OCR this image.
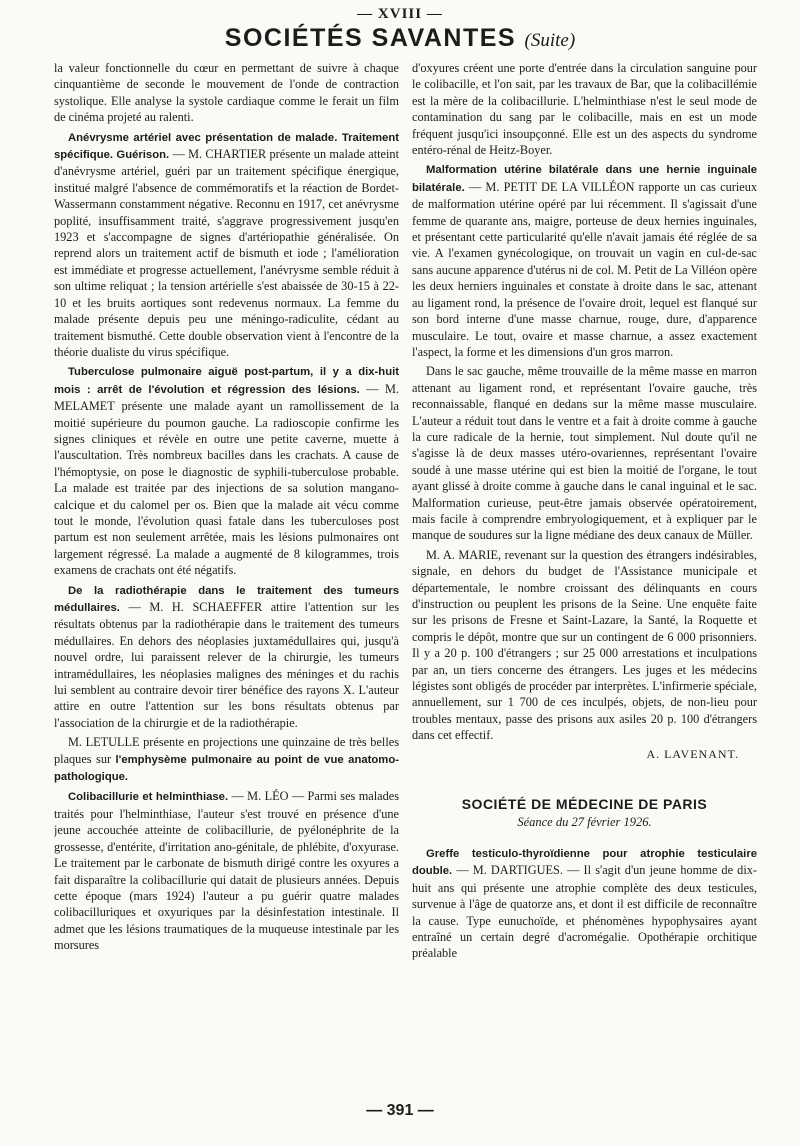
— XVIII —
SOCIÉTÉS SAVANTES (Suite)

la valeur fonctionnelle du cœur en permettant de suivre à chaque cinquantième de seconde le mouvement de l'onde de contraction systolique. Elle analyse la systole cardiaque comme le ferait un film de cinéma projeté au ralenti.

Anévrysme artériel avec présentation de malade. Traitement spécifique. Guérison. — M. CHARTIER présente un malade atteint d'anévrysme artériel, guéri par un traitement spécifique énergique, institué malgré l'absence de commémoratifs et la réaction de Bordet-Wassermann constamment négative. Reconnu en 1917, cet anévrysme poplité, insuffisamment traité, s'aggrave progressivement jusqu'en 1923 et s'accompagne de signes d'artériopathie généralisée. On reprend alors un traitement actif de bismuth et iode ; l'amélioration est immédiate et progresse actuellement, l'anévrysme semble réduit à son ultime reliquat ; la tension artérielle s'est abaissée de 30-15 à 22-10 et les bruits aortiques sont redevenus normaux. La femme du malade présente depuis peu une méningo-radiculite, cédant au traitement bismuthé. Cette double observation vient à l'encontre de la théorie dualiste du virus spécifique.

Tuberculose pulmonaire aiguë post-partum, il y a dix-huit mois : arrêt de l'évolution et régression des lésions. — M. MELAMET présente une malade ayant un ramollissement de la moitié supérieure du poumon gauche. La radioscopie confirme les signes cliniques et révèle en outre une petite caverne, muette à l'auscultation. Très nombreux bacilles dans les crachats. A cause de l'hémoptysie, on pose le diagnostic de syphili-tuberculose probable. La malade est traitée par des injections de sa solution mangano-calcique et du calomel per os. Bien que la malade ait vécu comme tout le monde, l'évolution quasi fatale dans les tuberculoses post partum est non seulement arrêtée, mais les lésions pulmonaires ont largement régressé. La malade a augmenté de 8 kilogrammes, trois examens de crachats ont été négatifs.

De la radiothérapie dans le traitement des tumeurs médullaires. — M. H. SCHAEFFER attire l'attention sur les résultats obtenus par la radiothérapie dans le traitement des tumeurs médullaires. En dehors des néoplasies juxtamédullaires qui, jusqu'à nouvel ordre, lui paraissent relever de la chirurgie, les tumeurs intramédullaires, les néoplasies malignes des méninges et du rachis lui semblent au contraire devoir tirer bénéfice des rayons X. L'auteur attire en outre l'attention sur les bons résultats obtenus par l'association de la chirurgie et de la radiothérapie.

M. LETULLE présente en projections une quinzaine de très belles plaques sur l'emphysème pulmonaire au point de vue anatomo-pathologique.

Colibacillurie et helminthiase. — M. LÉO — Parmi ses malades traités pour l'helminthiase, l'auteur s'est trouvé en présence d'une jeune accouchée atteinte de colibacillurie, de pyélonéphrite de la grossesse, d'entérite, d'irritation ano-génitale, de phlébite, d'oxyurase. Le traitement par le carbonate de bismuth dirigé contre les oxyures a fait disparaître la colibacillurie qui datait de plusieurs années. Depuis cette époque (mars 1924) l'auteur a pu guérir quatre malades colibacilluriques et oxyuriques par la désinfestation intestinale. Il admet que les lésions traumatiques de la muqueuse intestinale par les morsures

d'oxyures créent une porte d'entrée dans la circulation sanguine pour le colibacille, et l'on sait, par les travaux de Bar, que la colibacillémie est la mère de la colibacillurie. L'helminthiase n'est le seul mode de contamination du sang par le colibacille, mais en est un mode fréquent jusqu'ici insoupçonné. Elle est un des aspects du syndrome entéro-rénal de Heitz-Boyer.

Malformation utérine bilatérale dans une hernie inguinale bilatérale. — M. PETIT DE LA VILLÉON rapporte un cas curieux de malformation utérine opéré par lui récemment. Il s'agissait d'une femme de quarante ans, maigre, porteuse de deux hernies inguinales, et présentant cette particularité qu'elle n'avait jamais été réglée de sa vie. A l'examen gynécologique, on trouvait un vagin en cul-de-sac sans aucune apparence d'utérus ni de col. M. Petit de La Villéon opère les deux herniers inguinales et constate à droite dans le sac, attenant au ligament rond, la présence de l'ovaire droit, lequel est flanqué sur son bord interne d'une masse charnue, rouge, dure, d'apparence musculaire. Le tout, ovaire et masse charnue, a assez exactement l'aspect, la forme et les dimensions d'un gros marron.

Dans le sac gauche, même trouvaille de la même masse en marron attenant au ligament rond, et représentant l'ovaire gauche, très reconnaissable, flanqué en dedans sur la même masse musculaire. L'auteur a réduit tout dans le ventre et a fait à droite comme à gauche la cure radicale de la hernie, tout simplement. Nul doute qu'il ne s'agisse là de deux masses utéro-ovariennes, représentant l'ovaire soudé à une masse utérine qui est bien la moitié de l'organe, le tout ayant glissé à droite comme à gauche dans le canal inguinal et le sac. Malformation curieuse, peut-être jamais observée opératoirement, mais facile à comprendre embryologiquement, et à expliquer par le manque de soudures sur la ligne médiane des deux canaux de Müller.

M. A. MARIE, revenant sur la question des étrangers indésirables, signale, en dehors du budget de l'Assistance municipale et départementale, le nombre croissant des délinquants en cours d'instruction ou peuplent les prisons de la Seine. Une enquête faite sur les prisons de Fresne et Saint-Lazare, la Santé, la Roquette et compris le dépôt, montre que sur un contingent de 6 000 prisonniers. Il y a 20 p. 100 d'étrangers ; sur 25 000 arrestations et inculpations par an, un tiers concerne des étrangers. Les juges et les médecins légistes sont obligés de procéder par interprètes. L'infirmerie spéciale, annuellement, sur 1 700 de ces inculpés, objets, de non-lieu pour troubles mentaux, passe des prisons aux asiles 20 p. 100 d'étrangers dans cet effectif.

A. LAVENANT.
SOCIÉTÉ DE MÉDECINE DE PARIS
Séance du 27 février 1926.

Greffe testiculo-thyroïdienne pour atrophie testiculaire double. — M. DARTIGUES. — Il s'agit d'un jeune homme de dix-huit ans qui présente une atrophie complète des deux testicules, survenue à l'âge de quatorze ans, et dont il est difficile de reconnaître la cause. Type eunuchoïde, et phénomènes hypophysaires ayant entraîné un certain degré d'acromégalie. Opothérapie orchitique préalable

— 391 —
